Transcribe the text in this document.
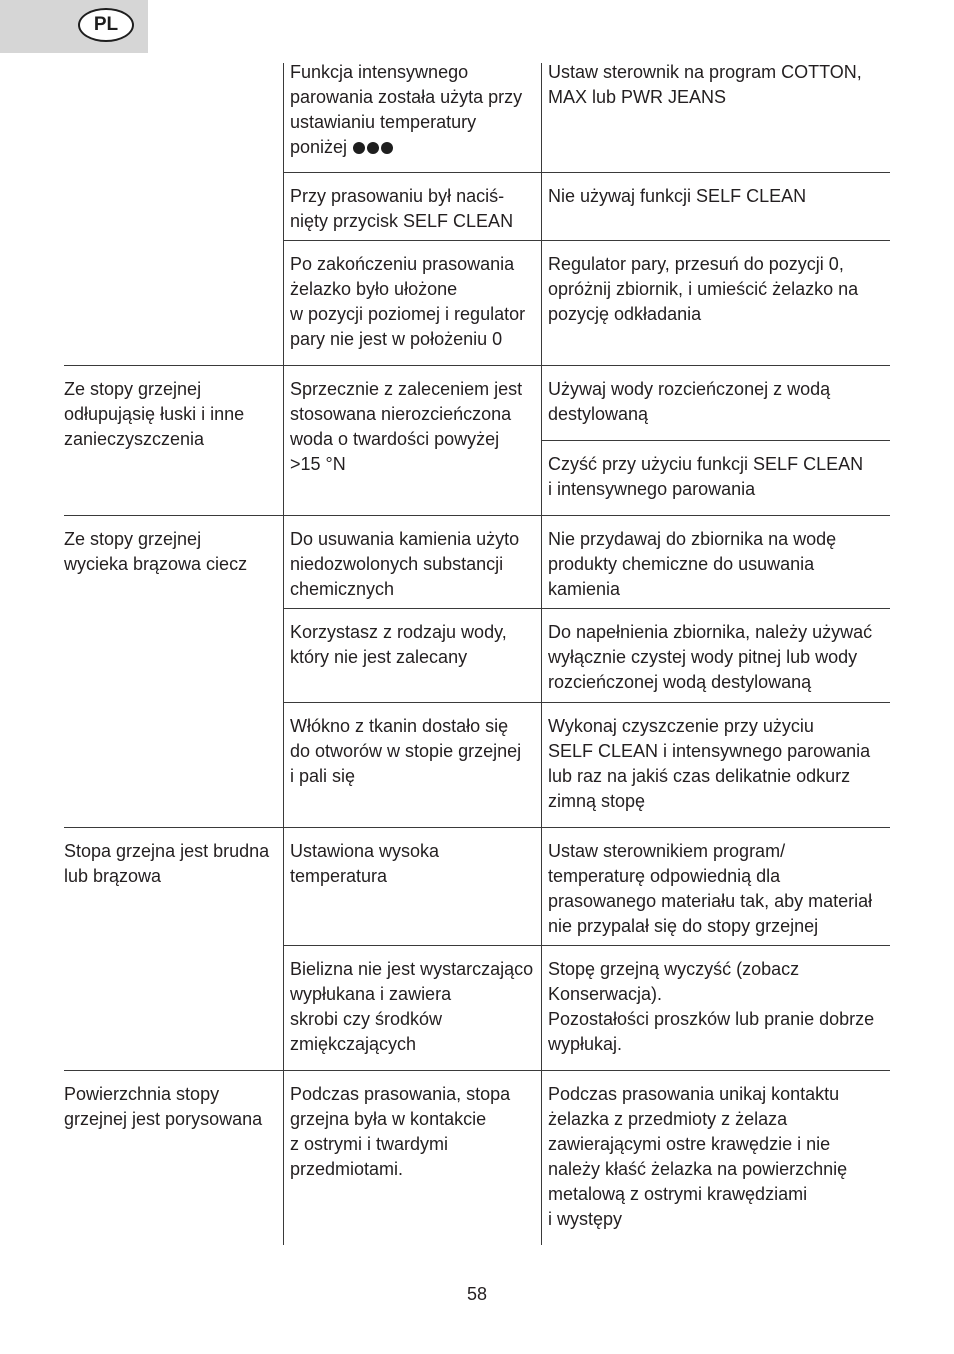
PL
Funkcja intensywnego
parowania została użyta przy
ustawianiu temperatury
poniżej
Ustaw sterownik na program COTTON,
MAX lub PWR JEANS
Przy prasowaniu był naciś-
nięty przycisk SELF CLEAN
Nie używaj funkcji SELF CLEAN
Po zakończeniu prasowania
żelazko było ułożone
w pozycji poziomej i regulator
pary nie jest w położeniu 0
Regulator pary, przesuń do pozycji 0,
opróżnij zbiornik, i umieścić żelazko na
pozycję odkładania
Ze stopy grzejnej
odłupująsię łuski i inne
zanieczyszczenia
Sprzecznie z zaleceniem jest
stosowana nierozcieńczona
woda o twardości powyżej
>15 °N
Używaj wody rozcieńczonej z wodą
destylowaną
Czyść przy użyciu funkcji SELF CLEAN
i intensywnego parowania
Ze stopy grzejnej
wycieka brązowa ciecz
Do usuwania kamienia użyto
niedozwolonych substancji
chemicznych
Nie przydawaj do zbiornika na wodę
produkty chemiczne do usuwania
kamienia
Korzystasz z rodzaju wody,
który nie jest zalecany
Do napełnienia zbiornika, należy używać
wyłącznie czystej wody pitnej lub wody
rozcieńczonej wodą destylowaną
Włókno z tkanin dostało się
do otworów w stopie grzejnej
i pali się
Wykonaj czyszczenie przy użyciu
SELF CLEAN i intensywnego parowania
lub raz na jakiś czas delikatnie odkurz
zimną stopę
Stopa grzejna jest brudna
lub brązowa
Ustawiona wysoka
temperatura
Ustaw sterownikiem program/
temperaturę odpowiednią dla
prasowanego materiału tak, aby materiał
nie przypalał się do stopy grzejnej
Bielizna nie jest wystarczająco
wypłukana i zawiera
skrobi czy środków
zmiękczających
Stopę grzejną wyczyść (zobacz
Konserwacja).
Pozostałości proszków lub pranie dobrze
wypłukaj.
Powierzchnia stopy
grzejnej jest porysowana
Podczas prasowania, stopa
grzejna była w kontakcie
z ostrymi i twardymi
przedmiotami.
Podczas prasowania unikaj kontaktu
żelazka z przedmioty z żelaza
zawierającymi ostre krawędzie i nie
należy kłaść żelazka na powierzchnię
metalową z ostrymi krawędziami
i występy
58
